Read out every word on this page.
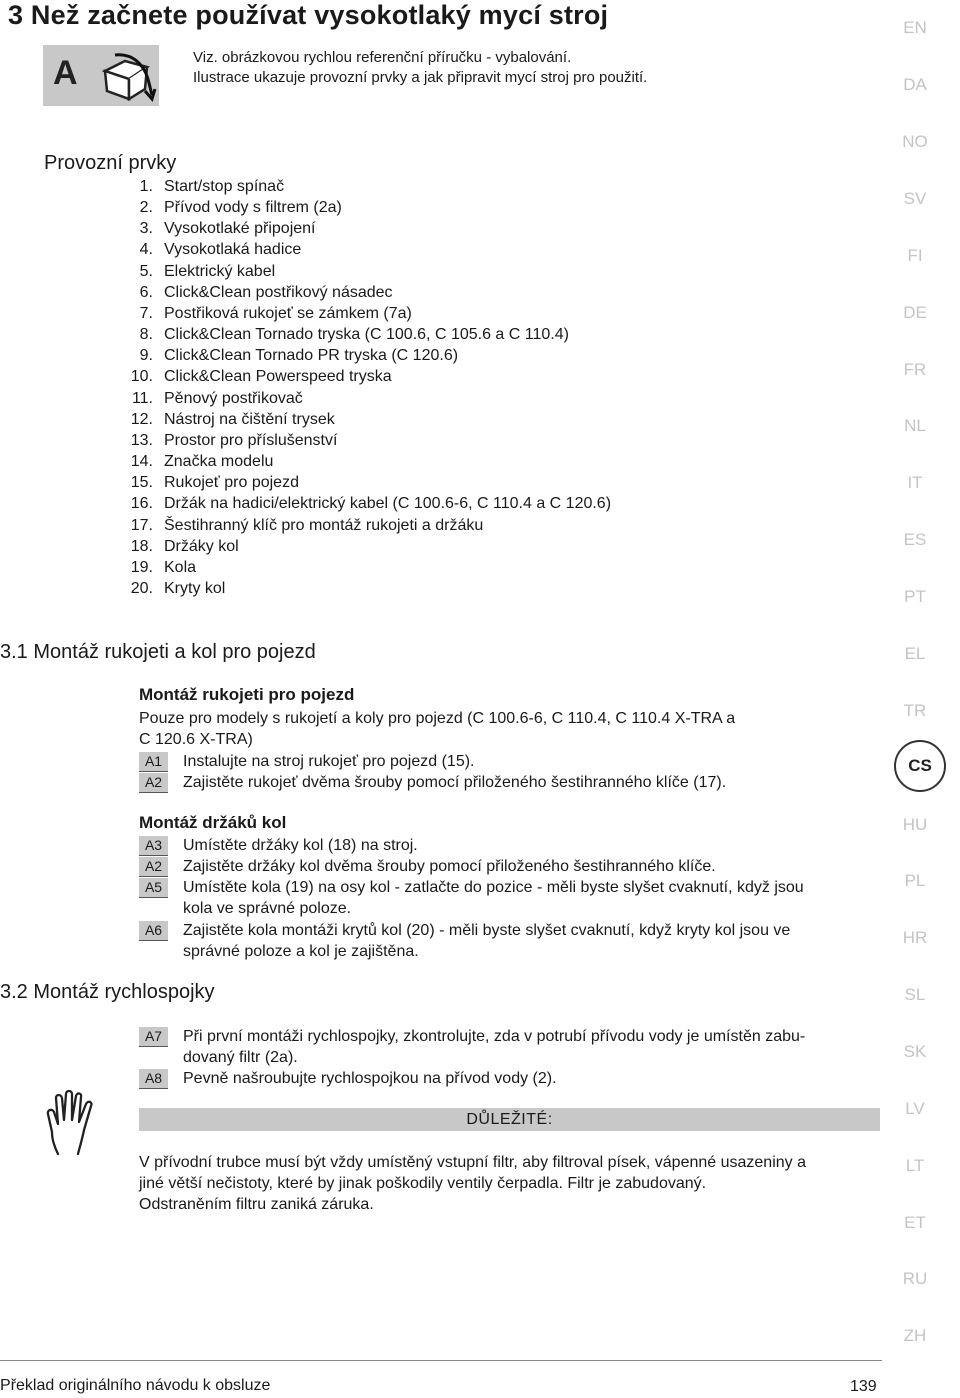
3 Než začnete používat vysokotlaký mycí stroj
A	Viz. obrázkovou rychlou referenční příručku - vybalování.
Ilustrace ukazuje provozní prvky a jak připravit mycí stroj pro použití.
Provozní prvky
1. Start/stop spínač
2. Přívod vody s filtrem (2a)
3. Vysokotlaké připojení
4. Vysokotlaká hadice
5. Elektrický kabel
6. Click&Clean postřikový násadec
7. Postřiková rukojeť se zámkem (7a)
8. Click&Clean Tornado tryska (C 100.6, C 105.6 a C 110.4)
9. Click&Clean Tornado PR tryska (C 120.6)
10. Click&Clean Powerspeed tryska
11. Pěnový postřikovač
12. Nástroj na čištění trysek
13. Prostor pro příslušenství
14. Značka modelu
15. Rukojeť pro pojezd
16. Držák na hadici/elektrický kabel (C 100.6-6, C 110.4 a C 120.6)
17. Šestihranný klíč pro montáž rukojeti a držáku
18. Držáky kol
19. Kola
20. Kryty kol
3.1 Montáž rukojeti a kol pro pojezd
Montáž rukojeti pro pojezd
Pouze pro modely s rukojetí a koly pro pojezd (C 100.6-6, C 110.4, C 110.4 X-TRA a
C 120.6 X-TRA)
A1	Instalujte na stroj rukojeť pro pojezd (15).
A2	Zajistěte rukojeť dvěma šrouby pomocí přiloženého šestihranného klíče (17).
Montáž držáků kol
A3	Umístěte držáky kol (18) na stroj.
A2	Zajistěte držáky kol dvěma šrouby pomocí přiloženého šestihranného klíče.
A5	Umístěte kola (19) na osy kol - zatlačte do pozice - měli byste slyšet cvaknutí, když jsou
kola ve správné poloze.
A6	Zajistěte kola montáži krytů kol (20) - měli byste slyšet cvaknutí, když kryty kol jsou ve
správné poloze a kol je zajištěna.
3.2 Montáž rychlospojky
A7	Při první montáži rychlospojky, zkontrolujte, zda v potrubí přívodu vody je umístěn zabu-
dovaný filtr (2a).
A8	Pevně našroubujte rychlospojkou na přívod vody (2).
DŮLEŽITÉ:
V přívodní trubce musí být vždy umístěný vstupní filtr, aby filtroval písek, vápenné usazeniny a
jiné větší nečistoty, které by jinak poškodily ventily čerpadla. Filtr je zabudovaný.
Odstraněním filtru zaniká záruka.
EN
DA
NO
SV
FI
DE
FR
NL
IT
ES
PT
EL
TR
CS
HU
PL
HR
SL
SK
LV
LT
ET
RU
ZH
Překlad originálního návodu k obsluze	139
